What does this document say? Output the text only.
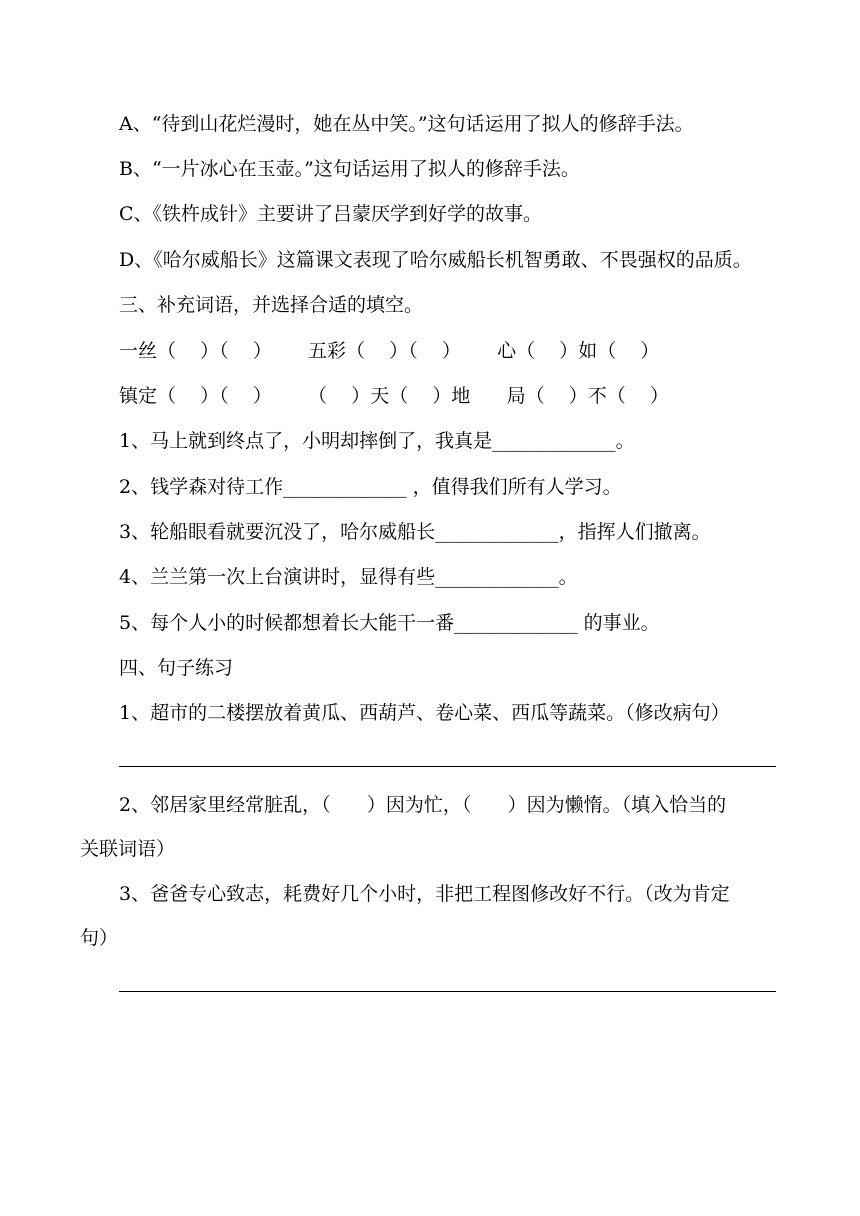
A、“待到山花烂漫时，她在丛中笑。”这句话运用了拟人的修辞手法。
B、“一片冰心在玉壶。”这句话运用了拟人的修辞手法。
C、《铁杵成针》主要讲了吕蒙厌学到好学的故事。
D、《哈尔威船长》这篇课文表现了哈尔威船长机智勇敢、不畏强权的品质。
三、补充词语，并选择合适的填空。
一丝（    ）（    ）      五彩（    ）（    ）      心（    ）如（    ）
镇定（    ）（    ）      （    ）天（    ）地      局（    ）不（    ）
1、马上就到终点了，小明却摔倒了，我真是_____________。
2、钱学森对待工作_____________ ，值得我们所有人学习。
3、轮船眼看就要沉没了，哈尔威船长_____________，指挥人们撤离。
4、兰兰第一次上台演讲时，显得有些_____________。
5、每个人小的时候都想着长大能干一番_____________ 的事业。
四、句子练习
1、超市的二楼摆放着黄瓜、西葫芦、卷心菜、西瓜等蔬菜。（修改病句）
2、邻居家里经常脏乱，（      ）因为忙，（      ）因为懒惰。（填入恰当的
关联词语）
3、爸爸专心致志，耗费好几个小时，非把工程图修改好不行。（改为肯定
句）
